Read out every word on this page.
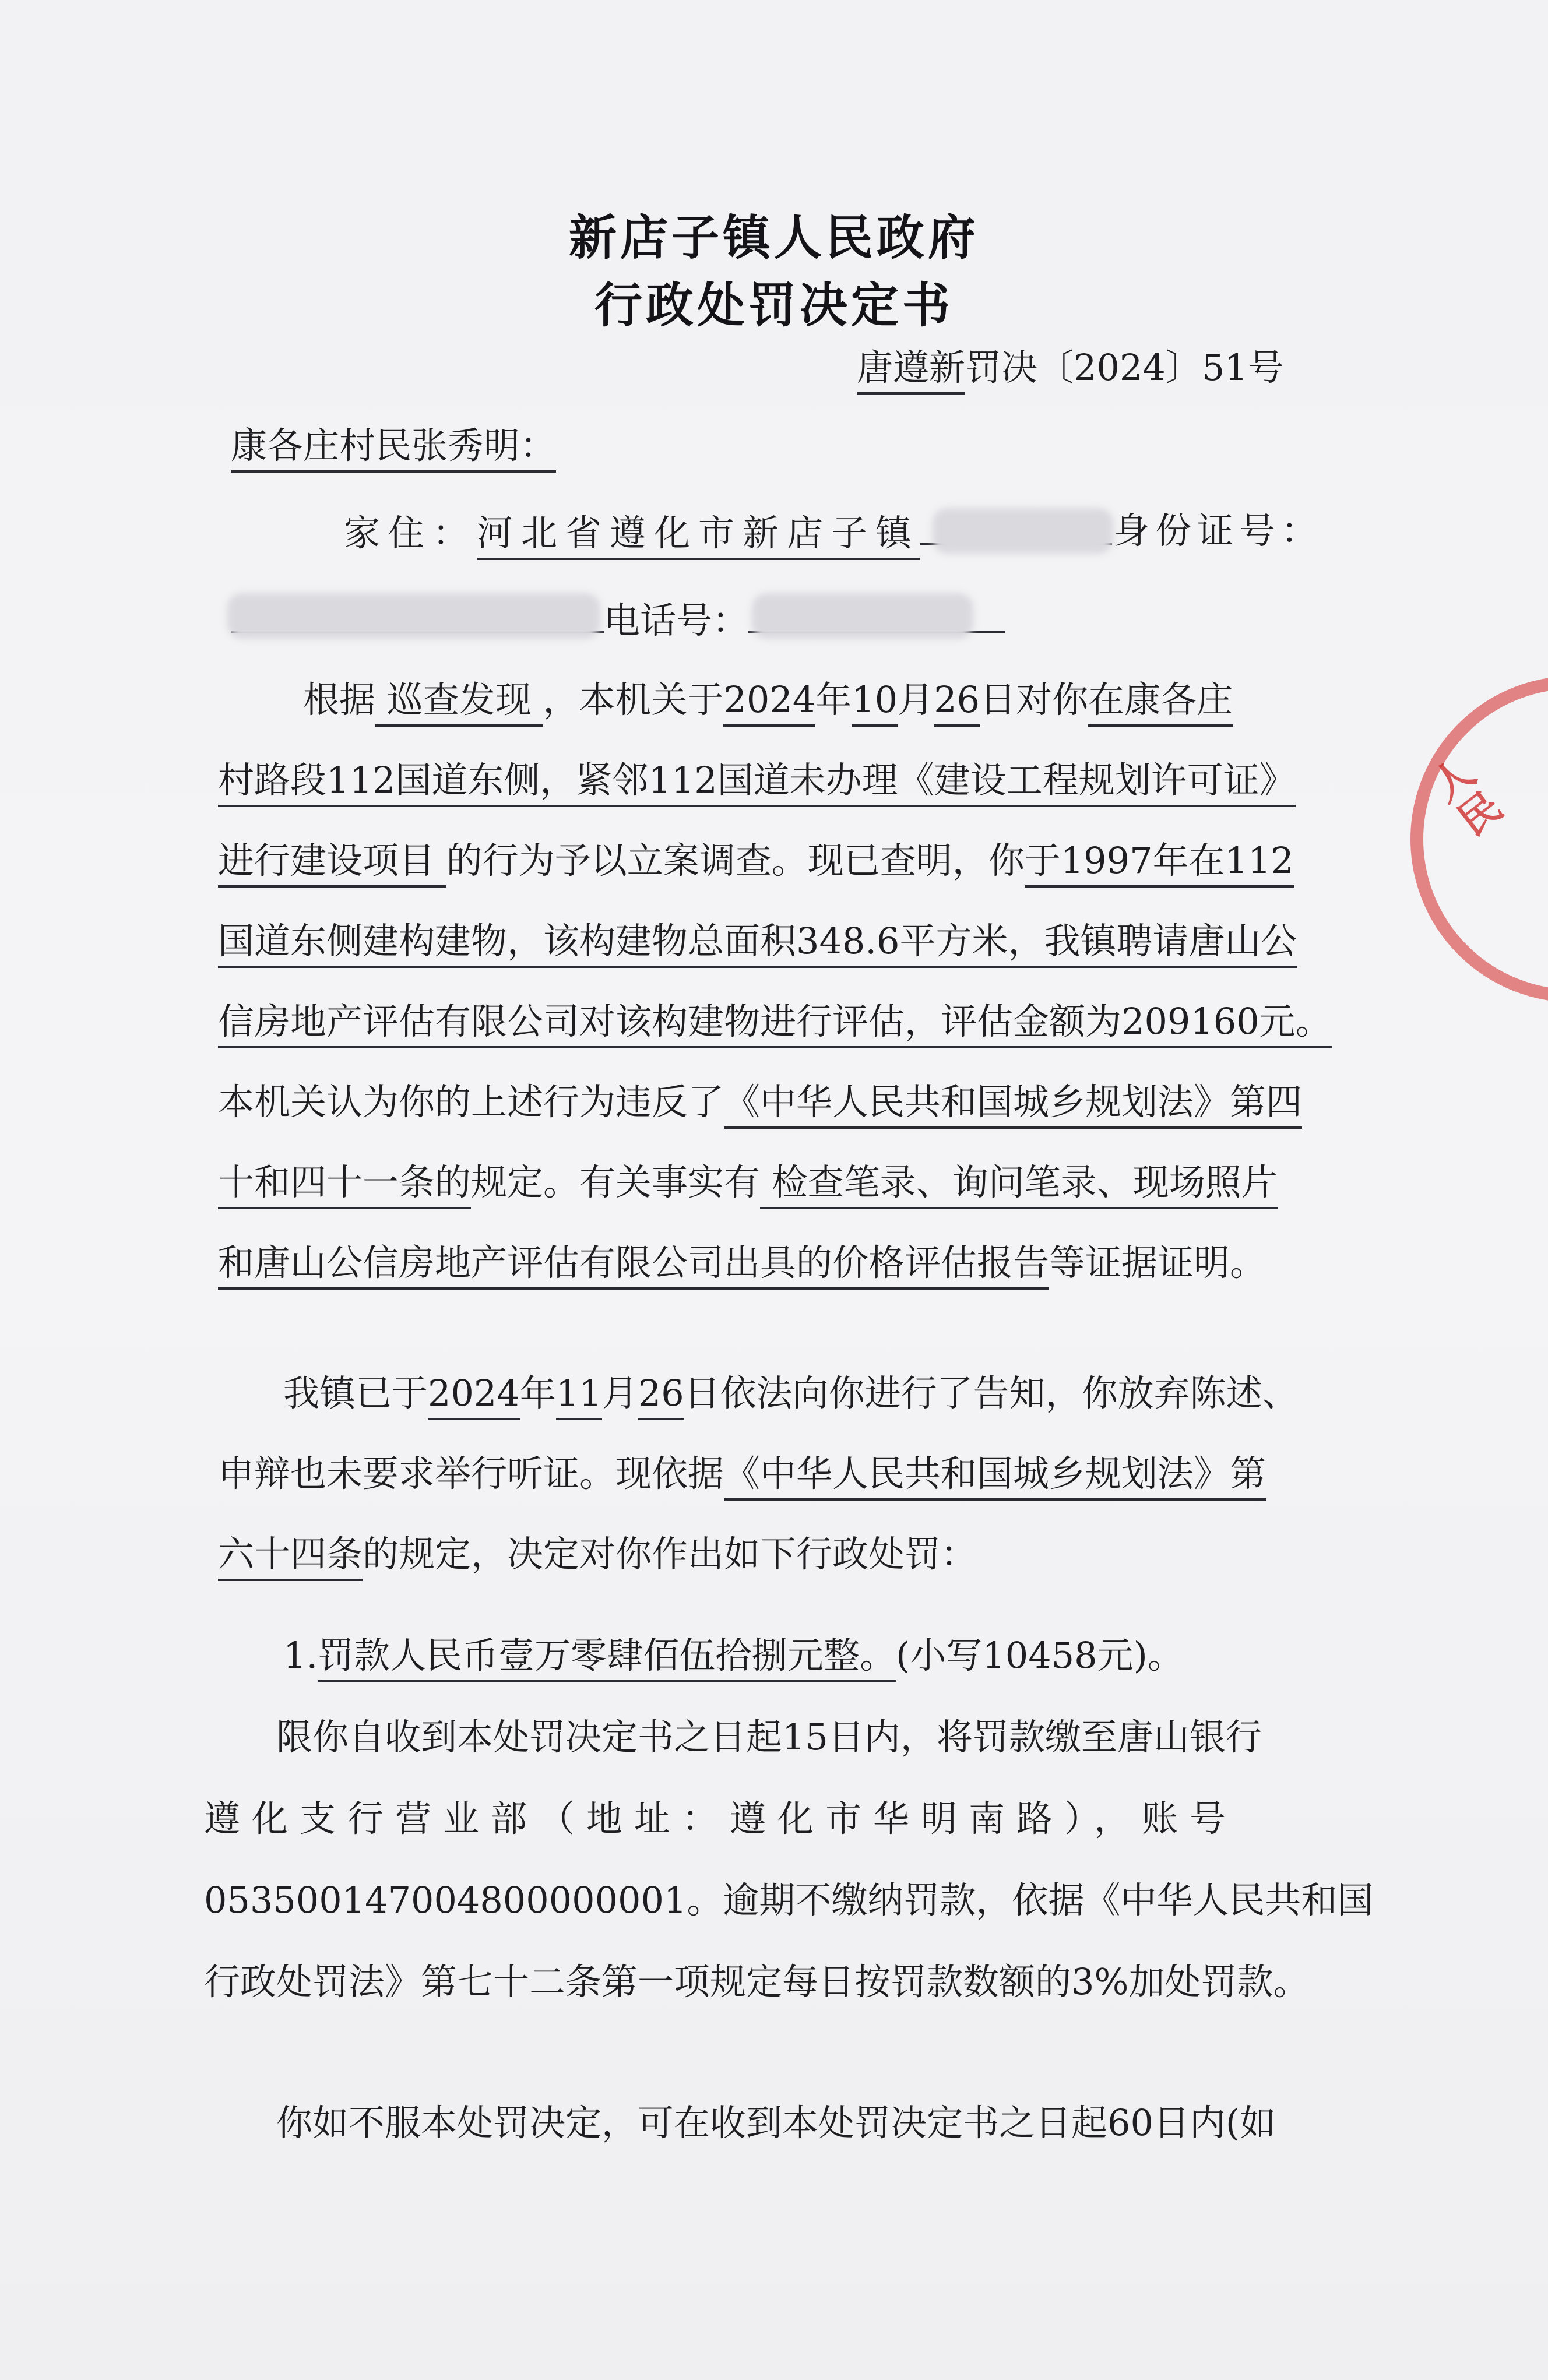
新店子镇人民政府
行政处罚决定书
唐遵新罚决〔2024〕51号
康各庄村民张秀明：
家住：河北省遵化市新店子镇	身份证号：
电话号：
根据 巡查发现 ，本机关于2024年10月26日对你在康各庄
村路段112国道东侧，紧邻112国道未办理《建设工程规划许可证》
进行建设项目 的行为予以立案调查。现已查明，你于1997年在112
国道东侧建构建物，该构建物总面积348.6平方米，我镇聘请唐山公
信房地产评估有限公司对该构建物进行评估，评估金额为209160元。
本机关认为你的上述行为违反了《中华人民共和国城乡规划法》第四
十和四十一条的规定。有关事实有 检查笔录、询问笔录、现场照片
和唐山公信房地产评估有限公司出具的价格评估报告等证据证明。
我镇已于2024年11月26日依法向你进行了告知，你放弃陈述、
申辩也未要求举行听证。现依据《中华人民共和国城乡规划法》第
六十四条的规定，决定对你作出如下行政处罚：
1.罚款人民币壹万零肆佰伍拾捌元整。(小写10458元)。
限你自收到本处罚决定书之日起15日内，将罚款缴至唐山银行
遵化支行营业部（地址：遵化市华明南路），账号
053500147004800000001。逾期不缴纳罚款，依据《中华人民共和国
行政处罚法》第七十二条第一项规定每日按罚款数额的3%加处罚款。
你如不服本处罚决定，可在收到本处罚决定书之日起60日内(如
人
民
